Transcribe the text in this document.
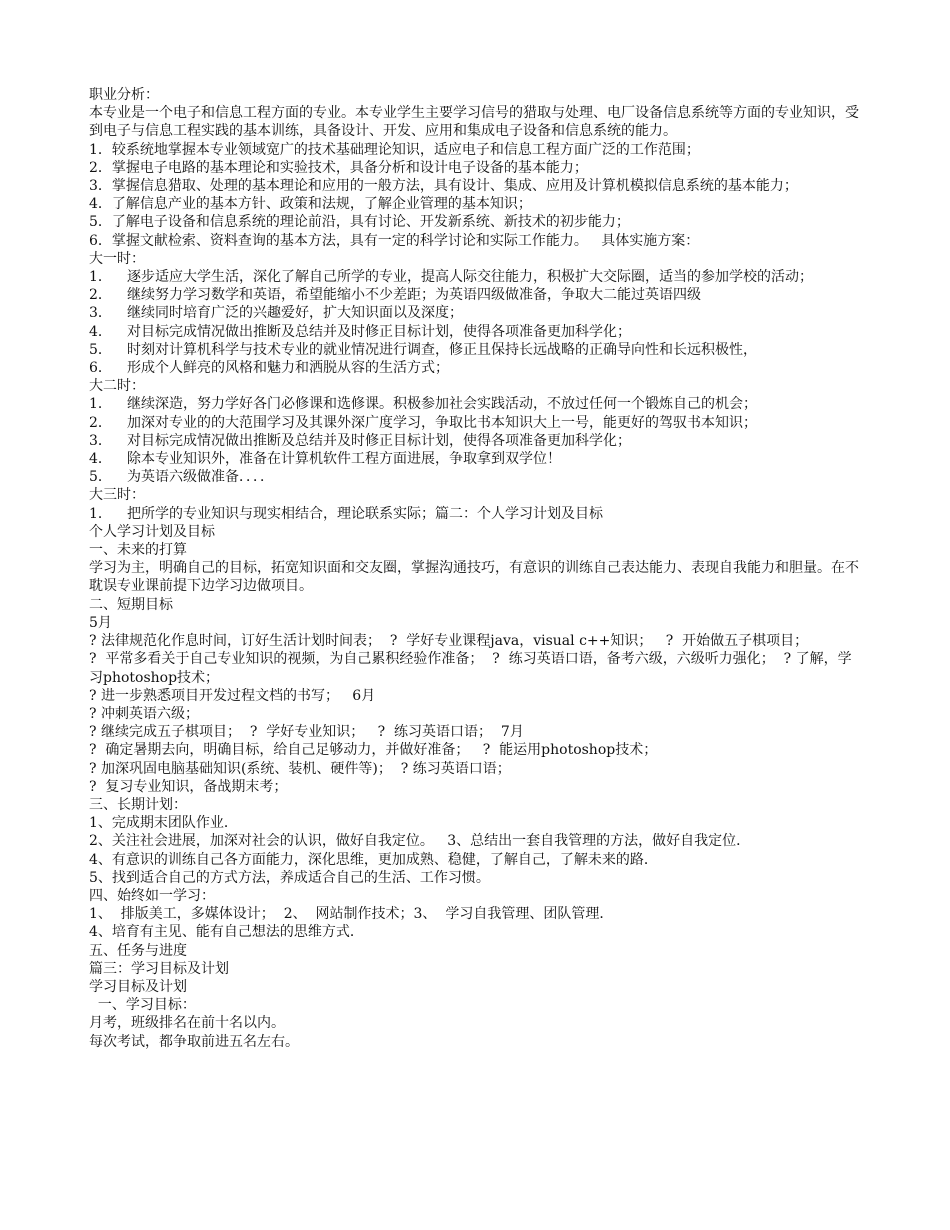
职业分析：
本专业是一个电子和信息工程方面的专业。本专业学生主要学习信号的猎取与处理、电厂设备信息系统等方面的专业知识，受到电子与信息工程实践的基本训练，具备设计、开发、应用和集成电子设备和信息系统的能力。
1．较系统地掌握本专业领域宽广的技术基础理论知识，适应电子和信息工程方面广泛的工作范围；
2．掌握电子电路的基本理论和实验技术，具备分析和设计电子设备的基本能力；
3．掌握信息猎取、处理的基本理论和应用的一般方法，具有设计、集成、应用及计算机模拟信息系统的基本能力；
4．了解信息产业的基本方针、政策和法规，了解企业管理的基本知识；
5．了解电子设备和信息系统的理论前沿，具有讨论、开发新系统、新技术的初步能力；
6．掌握文献检索、资料查询的基本方法，具有一定的科学讨论和实际工作能力。   具体实施方案：
大一时：
1．	逐步适应大学生活，深化了解自己所学的专业，提高人际交往能力，积极扩大交际圈，适当的参加学校的活动；
2．	继续努力学习数学和英语，希望能缩小不少差距；为英语四级做准备，争取大二能过英语四级
3．	继续同时培育广泛的兴趣爱好，扩大知识面以及深度；
4．	对目标完成情况做出推断及总结并及时修正目标计划，使得各项准备更加科学化；
5．	时刻对计算机科学与技术专业的就业情况进行调查，修正且保持长远战略的正确导向性和长远积极性，
6．	形成个人鲜亮的风格和魅力和洒脱从容的生活方式；
大二时：
1．	继续深造，努力学好各门必修课和选修课。积极参加社会实践活动，不放过任何一个锻炼自己的机会；
2．	加深对专业的的大范围学习及其课外深广度学习，争取比书本知识大上一号，能更好的驾驭书本知识；
3．	对目标完成情况做出推断及总结并及时修正目标计划，使得各项准备更加科学化；
4．	除本专业知识外，准备在计算机软件工程方面进展，争取拿到双学位！
5．	为英语六级做准备．．．．
大三时：
1．	把所学的专业知识与现实相结合，理论联系实际；篇二：个人学习计划及目标
个人学习计划及目标
一、未来的打算
学习为主，明确自己的目标，拓宽知识面和交友圈，掌握沟通技巧，有意识的训练自己表达能力、表现自我能力和胆量。在不耽误专业课前提下边学习边做项目。
二、短期目标
5月
? 法律规范化作息时间，订好生活计划时间表；  ?  学好专业课程java，visual c++知识；   ?  开始做五子棋项目；
?  平常多看关于自己专业知识的视频，为自己累积经验作准备；  ?  练习英语口语，备考六级，六级听力强化；  ? 了解，学习photoshop技术；
? 进一步熟悉项目开发过程文档的书写；   6月
? 冲刺英语六级；
? 继续完成五子棋项目；  ?  学好专业知识；   ?  练习英语口语；  7月
?  确定暑期去向，明确目标，给自己足够动力，并做好准备；   ?  能运用photoshop技术；
? 加深巩固电脑基础知识(系统、装机、硬件等)；  ? 练习英语口语；
?  复习专业知识，备战期末考；
三、长期计划：
1、完成期末团队作业．
2、关注社会进展，加深对社会的认识，做好自我定位。   3、总结出一套自我管理的方法，做好自我定位．
4、有意识的训练自己各方面能力，深化思维，更加成熟、稳健，了解自己，了解未来的路．
5、找到适合自己的方式方法，养成适合自己的生活、工作习惯。
四、始终如一学习：
1、  排版美工，多媒体设计；  2、  网站制作技术；3、  学习自我管理、团队管理．
4、培育有主见、能有自己想法的思维方式．
五、任务与进度
篇三：学习目标及计划
学习目标及计划
一、学习目标：
月考，班级排名在前十名以内。
每次考试，都争取前进五名左右。
